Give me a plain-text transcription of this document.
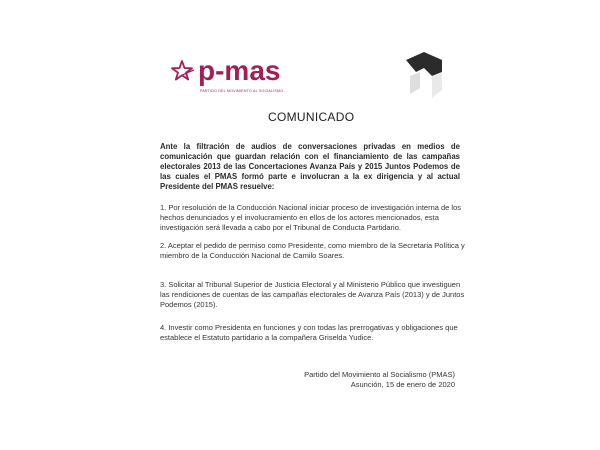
p-mas
PARTIDO DEL MOVIMIENTO AL SOCIALISMO
COMUNICADO
Ante la filtración de audios de conversaciones privadas en medios de comunicación que guardan relación con el financiamiento de las campañas electorales 2013 de las Concertaciones Avanza País y 2015 Juntos Podemos de las cuales el PMAS formó parte e involucran a la ex dirigencia y al actual Presidente del PMAS resuelve:
1. Por resolución de la Conducción Nacional iniciar proceso de investigación interna de los hechos denunciados y el involucramiento en ellos de los actores mencionados, esta investigación será llevada a cabo por el Tribunal de Conducta Partidario.
2. Aceptar el pedido de permiso como Presidente, como miembro de la Secretaria Política y miembro de la Conducción Nacional de Camilo Soares.
3. Solicitar al Tribunal Superior de Justicia Electoral y al Ministerio Público que investiguen las rendiciones de cuentas de las campañas electorales de Avanza País (2013) y de Juntos Podemos (2015).
4. Investir como Presidenta en funciones y con todas las prerrogativas y obligaciones que establece el Estatuto partidario a la compañera Griselda Yudice.
Partido del Movimiento al Socialismo (PMAS)
Asunción, 15 de enero de 2020
